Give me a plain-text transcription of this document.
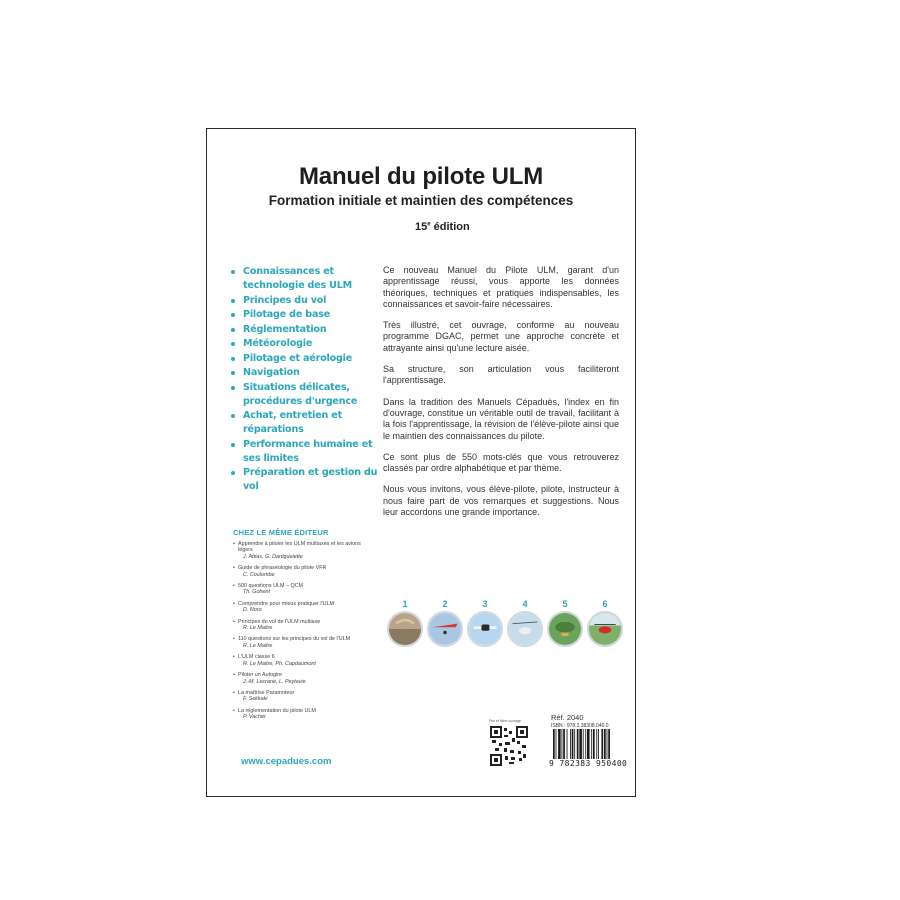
Manuel du pilote ULM
Formation initiale et maintien des compétences
15e édition
Connaissances et technologie des ULM
Principes du vol
Pilotage de base
Réglementation
Météorologie
Pilotage et aérologie
Navigation
Situations délicates, procédures d'urgence
Achat, entretien et réparations
Performance humaine et ses limites
Préparation et gestion du vol

Ce nouveau Manuel du Pilote ULM, garant d'un apprentissage réussi, vous apporte les données théoriques, techniques et pratiques indispensables, les connaissances et savoir-faire nécessaires.

Très illustré, cet ouvrage, conforme au nouveau programme DGAC, permet une approche concrète et attrayante ainsi qu'une lecture aisée.

Sa structure, son articulation vous faciliteront l'apprentissage.

Dans la tradition des Manuels Cépaduès, l'index en fin d'ouvrage, constitue un véritable outil de travail, facilitant à la fois l'apprentissage, la révision de l'élève-pilote ainsi que le maintien des connaissances du pilote.

Ce sont plus de 550 mots-clés que vous retrouverez classés par ordre alphabétique et par thème.

Nous vous invitons, vous élève-pilote, pilote, instructeur à nous faire part de vos remarques et suggestions. Nous leur accordons une grande importance.

CHEZ LE MÊME ÉDITEUR
• Apprendre à piloter les ULM multiaxes et les avions légers
J. Attias, G. Dartiguelette
• Guide de phraséologie du pilote VFR
C. Coulombe
• 500 questions ULM – QCM
Th. Gohent
• Comprendre pour mieux pratiquer l'ULM
D. Noro
• Principes du vol de l'ULM multiaxe
R. Le Maitre
• 110 questions sur les principes du vol de l'ULM
R. Le Maitre
• L'ULM classe 6
R. Le Maitre, Ph. Capdaumont
• Piloter un Autogire
J.-M. Lecrane, L. Peytavie
• La maîtrise Paramoteur
F. Sekkaki
• La réglementation du pilote ULM
P. Vacher
www.cepadues.com
1	2	3	4	5	6
Prix et fiche ouvrage	Réf. 2040
ISBN : 978.2.38308.040.0
9 782383 950400
